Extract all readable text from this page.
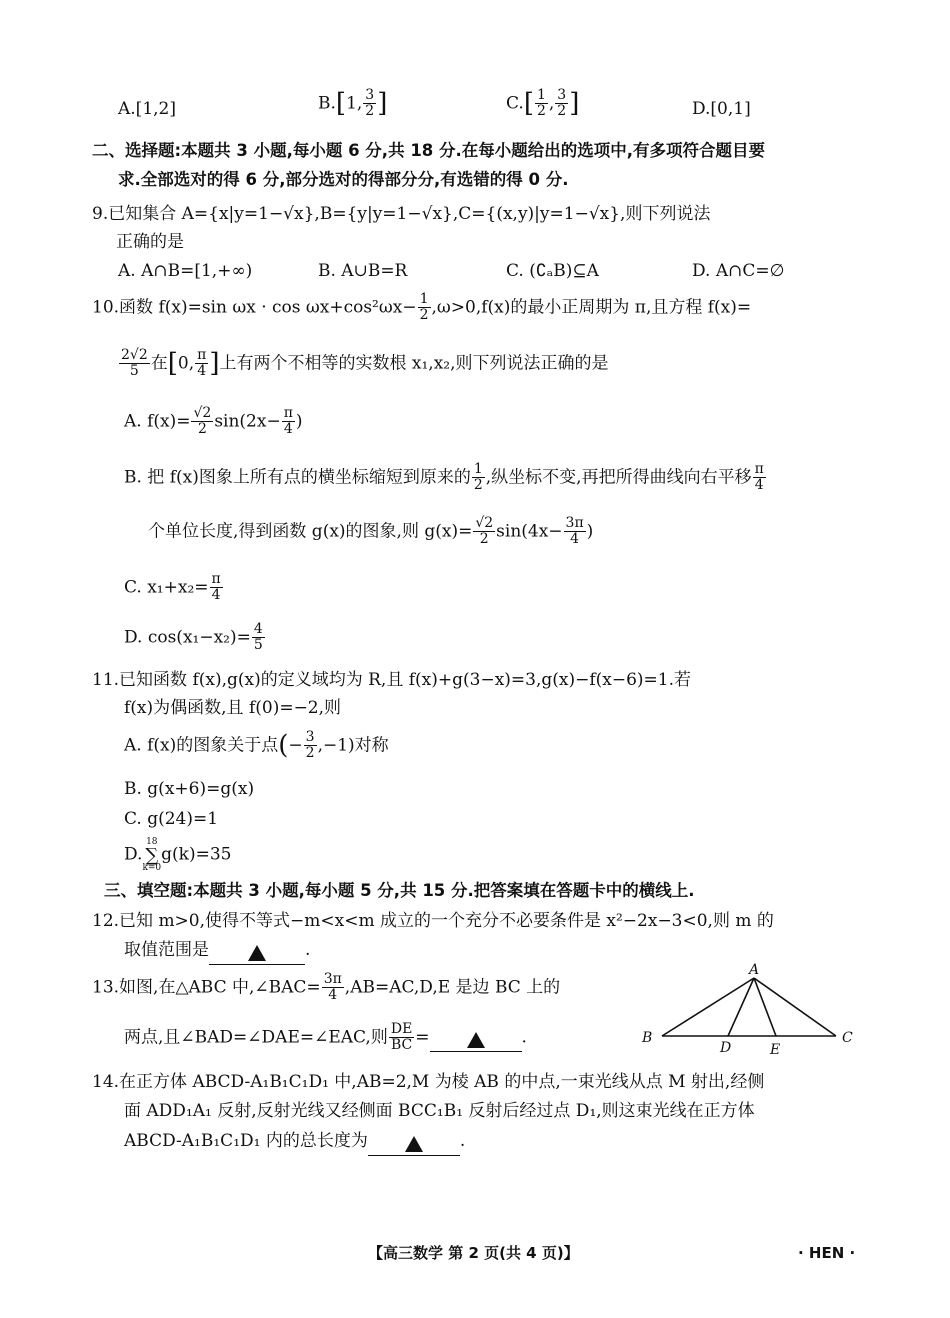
A.[1,2]	B.[1, $\frac{3}{2}$ ]	$C.[ \frac{1}{2}$ , $\frac{3}{2}$ ]	D.[0,1]
二、选择题:本题共 3 小题,每小题 6 分,共 18 分.在每小题给出的选项中,有多项符合题目要
求.全部选对的得 6 分,部分选对的得部分分,有选错的得 0 分.
9.已知集合 A={x|y=1−√x},B={y|y=1−√x},C={(x,y)|y=1−√x},则下列说法
正确的是
A. A∩B=[1,+∞)	B. A∪B=R	C. (∁ₐB)⊆A	D. A∩C=∅
10.函数 f(x)=sin $\omega x \cdot \cos \omega x+\cos^2\omega x- \frac{1}{2} ,\omega>0,f(x)$的最小正周期为 π,且方程 f(x)=
$\frac{2√2}{5}$ 在[0, $\frac{\pi}{4}$ ]上有两个不相等的实数根 x₁,x₂,则下列说法正确的是
A. $f(x)= \frac{√2}{2} \sin(2x- \frac{\pi}{4}$ )
B. 把 f(x)图象上所有点的横坐标缩短到原来的 $\frac{1}{2}$ ,纵坐标不变,再把所得曲线向右平移 $\frac{\pi}{4}$
个单位长度,得到函数 g(x)的图象,则 $g(x)= \frac{√2}{2} \sin(4x- \frac{3\pi}{4}$ )
C. $x_1+x_2= \frac{\pi}{4}$
D. $\cos(x_1-x_2)= \frac{4}{5}$
11.已知函数 f(x),g(x)的定义域均为 R,且 f(x)+g(3−x)=3,g(x)−f(x−6)=1.若
f(x)为偶函数,且 f(0)=−2,则
A. f(x)的图象关于点(− $\frac{3}{2} ,-1$)对称
B. g(x+6)=g(x)
C. g(24)=1
D.
18
∑
k=0
g(k)=35
三、填空题:本题共 3 小题,每小题 5 分,共 15 分.把答案填在答题卡中的横线上.
12.已知 m>0,使得不等式−m<x<m 成立的一个充分不必要条件是 x²−2x−3<0,则 m 的
取值范围是	.
13.如图,在△ABC 中,∠BAC= $\frac{3\pi}{4} ,AB=AC,D,E$ 是边 BC 上的
两点,且∠BAD=∠DAE=∠EAC,则 $\frac{DE}{BC}$ =	.
A
B
D	E
C
14.在正方体 ABCD-A₁B₁C₁D₁ 中,AB=2,M 为棱 AB 的中点,一束光线从点 M 射出,经侧
面 ADD₁A₁ 反射,反射光线又经侧面 BCC₁B₁ 反射后经过点 D₁,则这束光线在正方体
ABCD-A₁B₁C₁D₁ 内的总长度为	.
【高三数学 第 2 页(共 4 页)】	· HEN ·
